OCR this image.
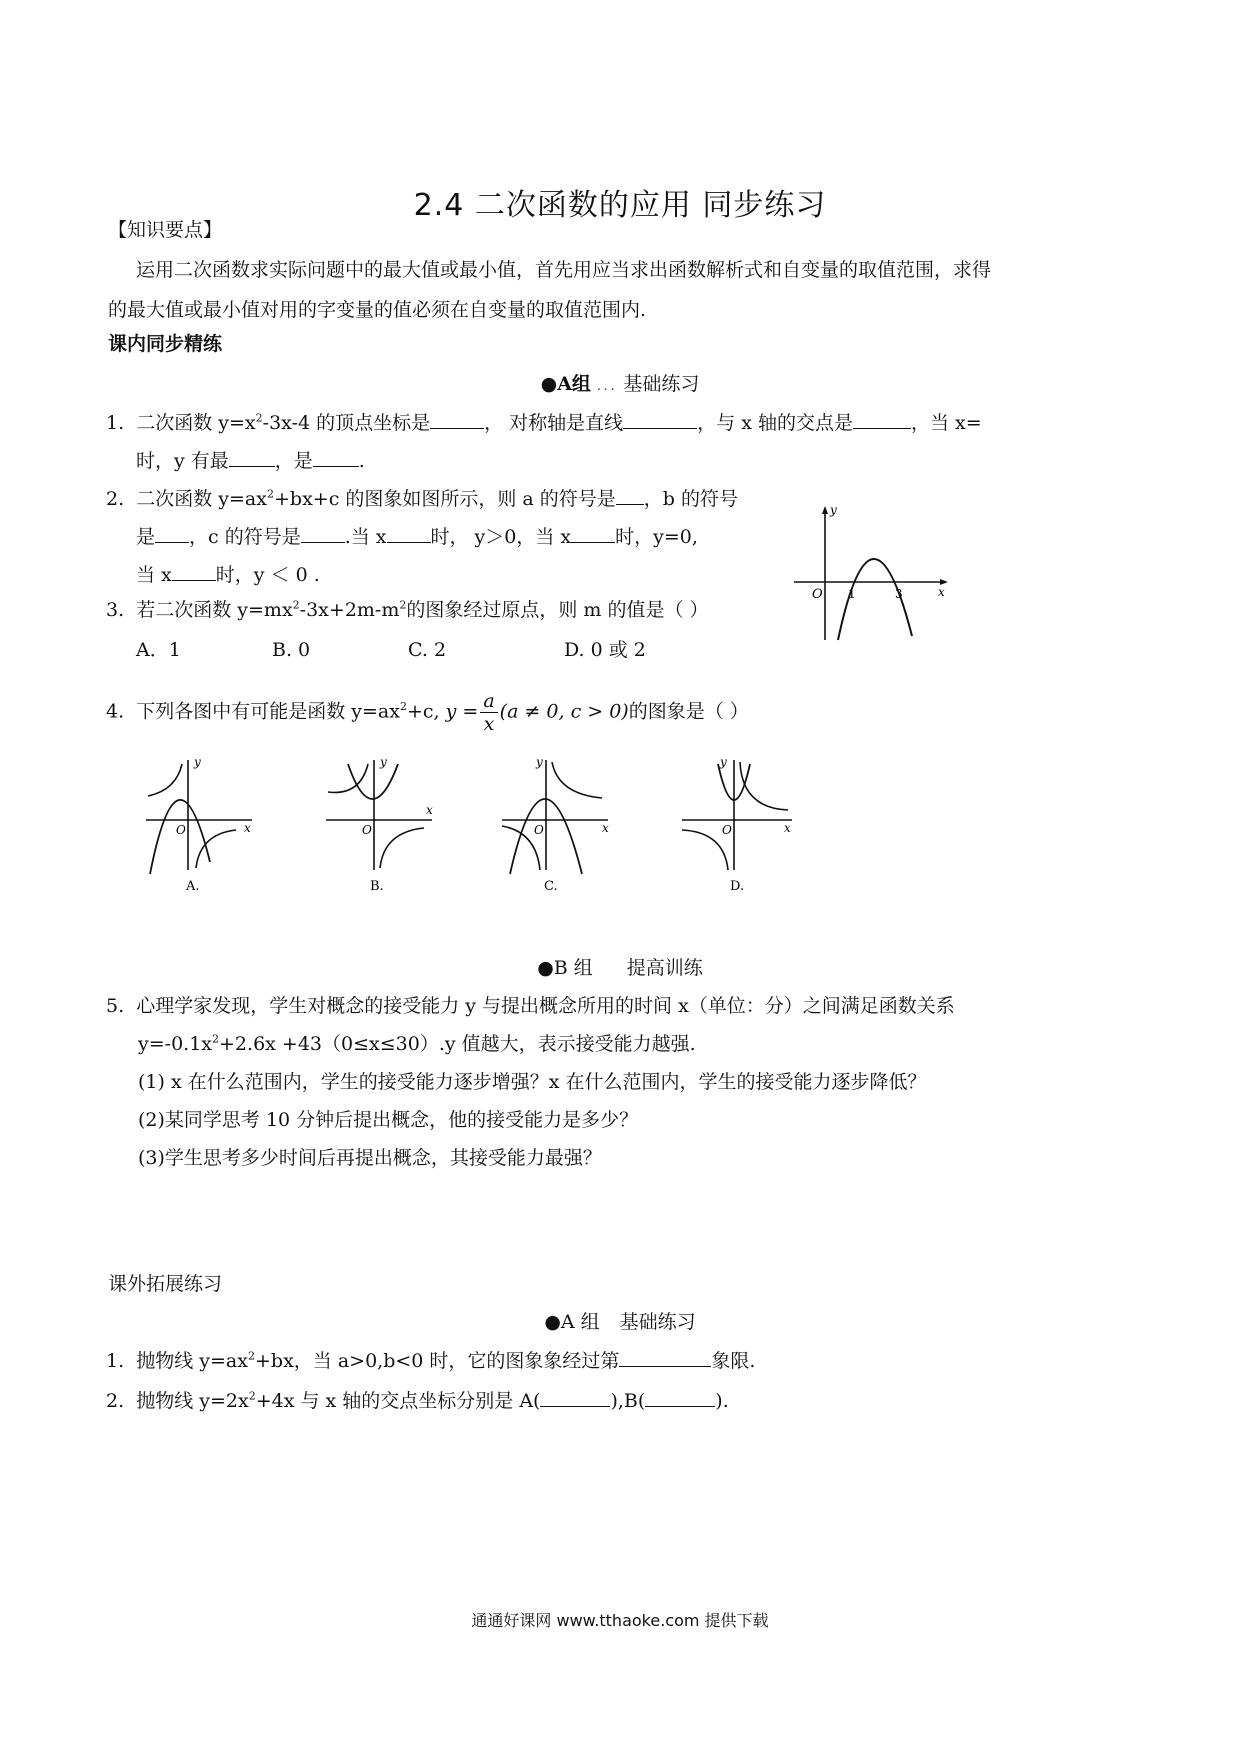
2.4 二次函数的应用 同步练习
【知识要点】
运用二次函数求实际问题中的最大值或最小值，首先用应当求出函数解析式和自变量的取值范围，求得
的最大值或最小值对用的字变量的值必须在自变量的取值范围内.
课内同步精练
●A组 ... 基础练习
1. 二次函数 $y=x^2-3x-4$ 的顶点坐标是	， 对称轴是直线	，与 x 轴的交点是	，当 x=
时，y 有最 ，是 .
2. 二次函数 $y=ax^2+bx+c$ 的图象如图所示，则 a 的符号是 ，b 的符号
是 ，c 的符号是 .当 x 时， y＞0，当 x 时，y=0,
当 x 时，y ＜ 0 .
y
x
O 1	3
3. 若二次函数 $y=mx^2-3x+2m-m^2$的图象经过原点，则 m 的值是（ ）
A．1	B. 0	C. 2	D. 0 或 2
4. 下列各图中有可能是函数 $y=ax^2+c$, $y = \frac{a}{x} (a \ne 0$, c > 0)的图象是（ ）
y
x
O
A.
y
x
O
B.
y
x
O
C.
y
x
O
D.
●B 组 提高训练
5. 心理学家发现，学生对概念的接受能力 y 与提出概念所用的时间 x（单位：分）之间满足函数关系
$y=-0.1x^2+2.6x +43(0\le x\le 30).y$ 值越大，表示接受能力越强.
(1) x 在什么范围内，学生的接受能力逐步增强？x 在什么范围内，学生的接受能力逐步降低？
(2)某同学思考 10 分钟后提出概念，他的接受能力是多少？
(3)学生思考多少时间后再提出概念，其接受能力最强？
课外拓展练习
●A 组 基础练习
1. 抛物线 $y=ax^2+bx$，当 a>0,b<0 时，它的图象象经过第	象限.
2. 抛物线 $y=2x^2+4x$ 与 x 轴的交点坐标分别是 A(	),B(	).
通通好课网 www.tthaoke.com 提供下载
